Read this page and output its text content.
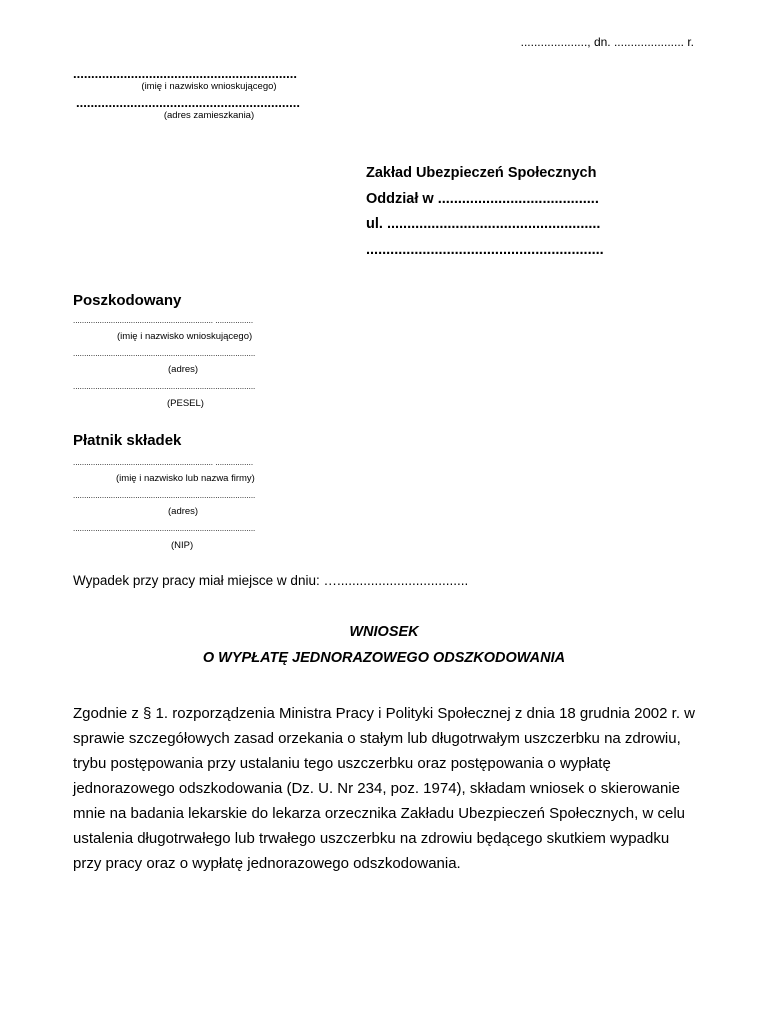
...................., dn. ..................... r.
..............................................................
(imię i nazwisko wnioskującego)
..............................................................
(adres zamieszkania)
Zakład Ubezpieczeń Społecznych
Oddział w ........................................
ul. .....................................................
...........................................................
Poszkodowany
............................................................... .................
(imię i nazwisko wnioskującego)
..................................................................................
(adres)
..................................................................................
(PESEL)
Płatnik składek
............................................................... .................
(imię i nazwisko lub nazwa firmy)
..................................................................................
(adres)
..................................................................................
(NIP)
Wypadek przy pracy miał miejsce w dniu: …...................................
WNIOSEK
O WYPŁATĘ JEDNORAZOWEGO ODSZKODOWANIA
Zgodnie z § 1. rozporządzenia Ministra Pracy i Polityki Społecznej z dnia 18 grudnia 2002 r. w sprawie szczegółowych zasad orzekania o stałym lub długotrwałym uszczerbku na zdrowiu, trybu postępowania przy ustalaniu tego uszczerbku oraz postępowania o wypłatę jednorazowego odszkodowania (Dz. U. Nr 234, poz. 1974), składam wniosek o skierowanie mnie na badania lekarskie do lekarza orzecznika Zakładu Ubezpieczeń Społecznych, w celu ustalenia długotrwałego lub trwałego uszczerbku na zdrowiu będącego skutkiem wypadku przy pracy oraz o wypłatę jednorazowego odszkodowania.
